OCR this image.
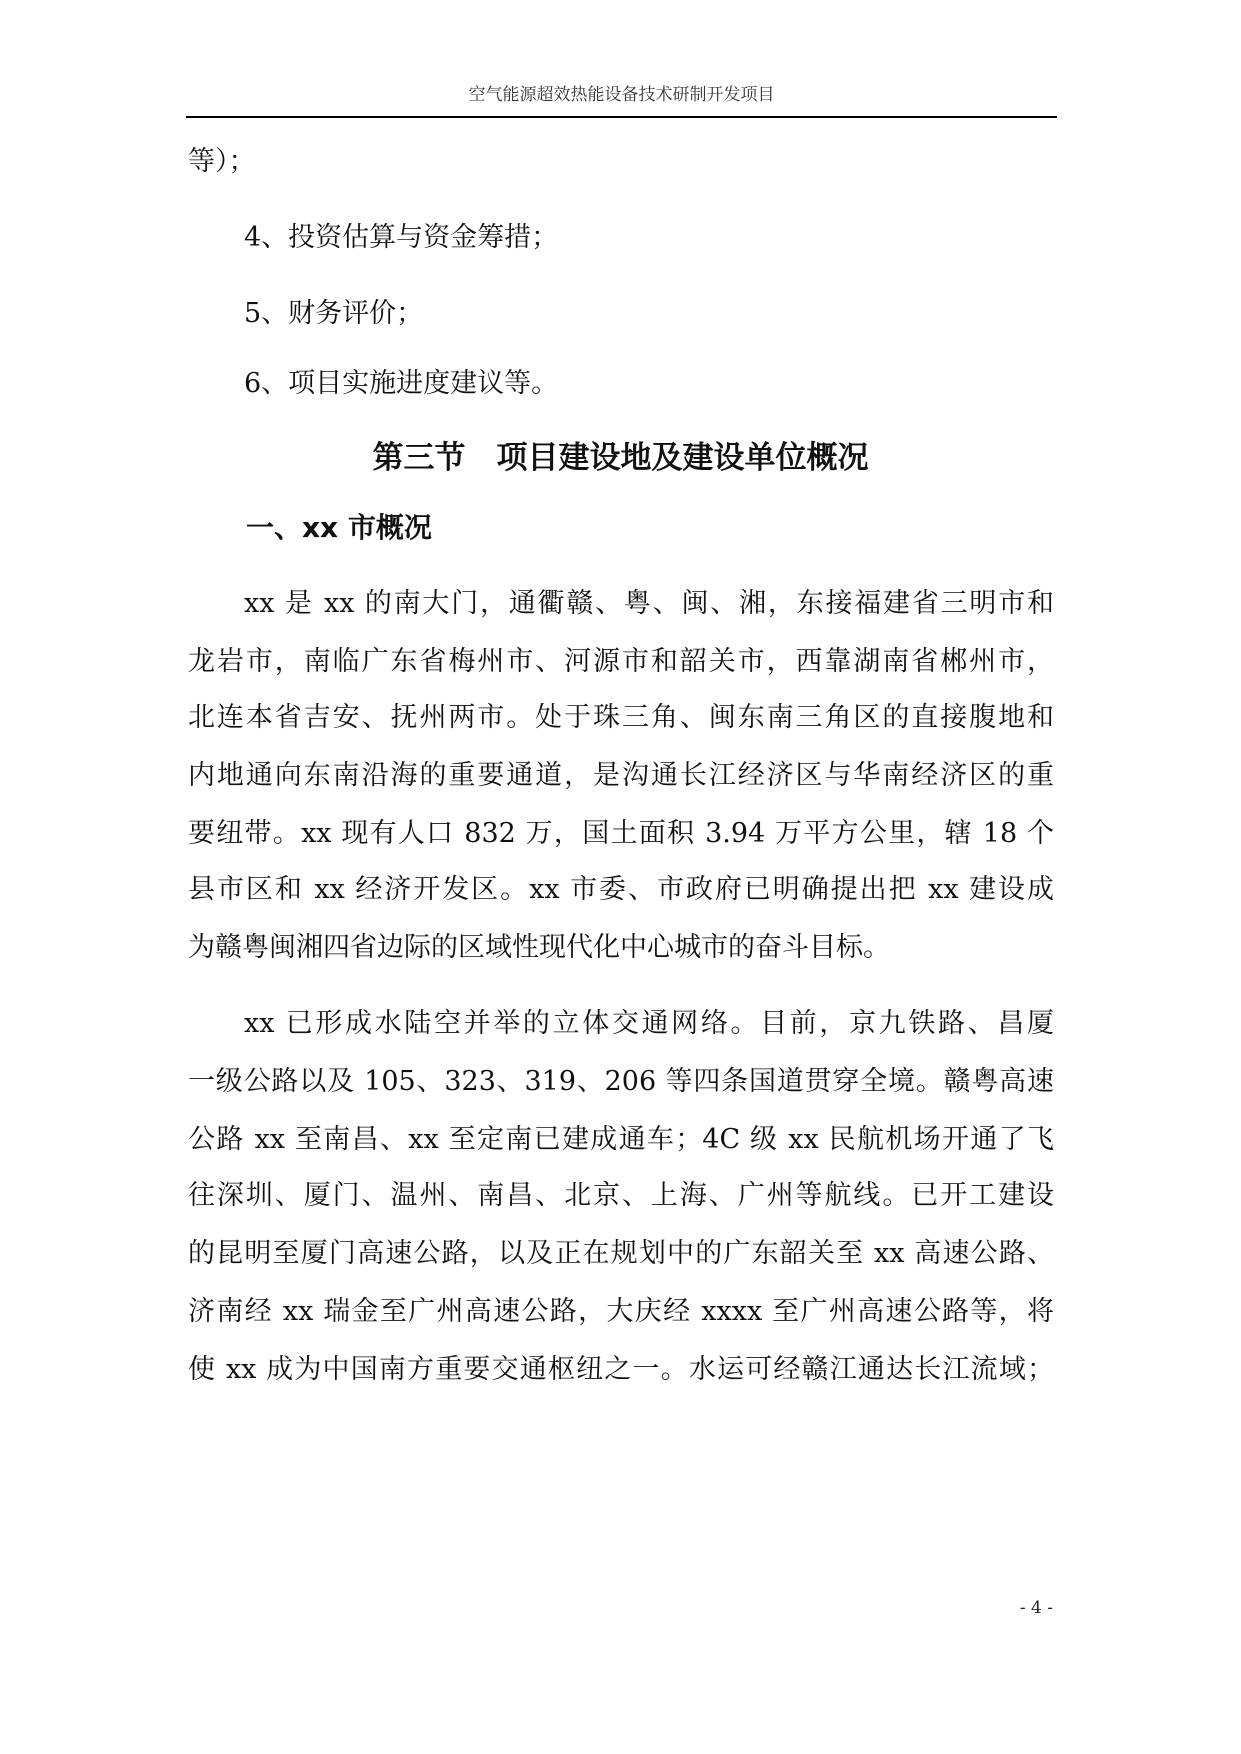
空气能源超效热能设备技术研制开发项目
等）；
4、投资估算与资金筹措；
5、财务评价；
6、项目实施进度建议等。
第三节　项目建设地及建设单位概况
一、xx 市概况
xx 是 xx 的南大门，通衢赣、粤、闽、湘，东接福建省三明市和
龙岩市，南临广东省梅州市、河源市和韶关市，西靠湖南省郴州市，
北连本省吉安、抚州两市。处于珠三角、闽东南三角区的直接腹地和
内地通向东南沿海的重要通道，是沟通长江经济区与华南经济区的重
要纽带。xx 现有人口 832 万，国土面积 3.94 万平方公里，辖 18 个
县市区和 xx 经济开发区。xx 市委、市政府已明确提出把 xx 建设成
为赣粤闽湘四省边际的区域性现代化中心城市的奋斗目标。
xx 已形成水陆空并举的立体交通网络。目前，京九铁路、昌厦
一级公路以及 105、323、319、206 等四条国道贯穿全境。赣粤高速
公路 xx 至南昌、xx 至定南已建成通车；4C 级 xx 民航机场开通了飞
往深圳、厦门、温州、南昌、北京、上海、广州等航线。已开工建设
的昆明至厦门高速公路，以及正在规划中的广东韶关至 xx 高速公路、
济南经 xx 瑞金至广州高速公路，大庆经 xxxx 至广州高速公路等，将
使 xx 成为中国南方重要交通枢纽之一。水运可经赣江通达长江流域；
- 4 -
